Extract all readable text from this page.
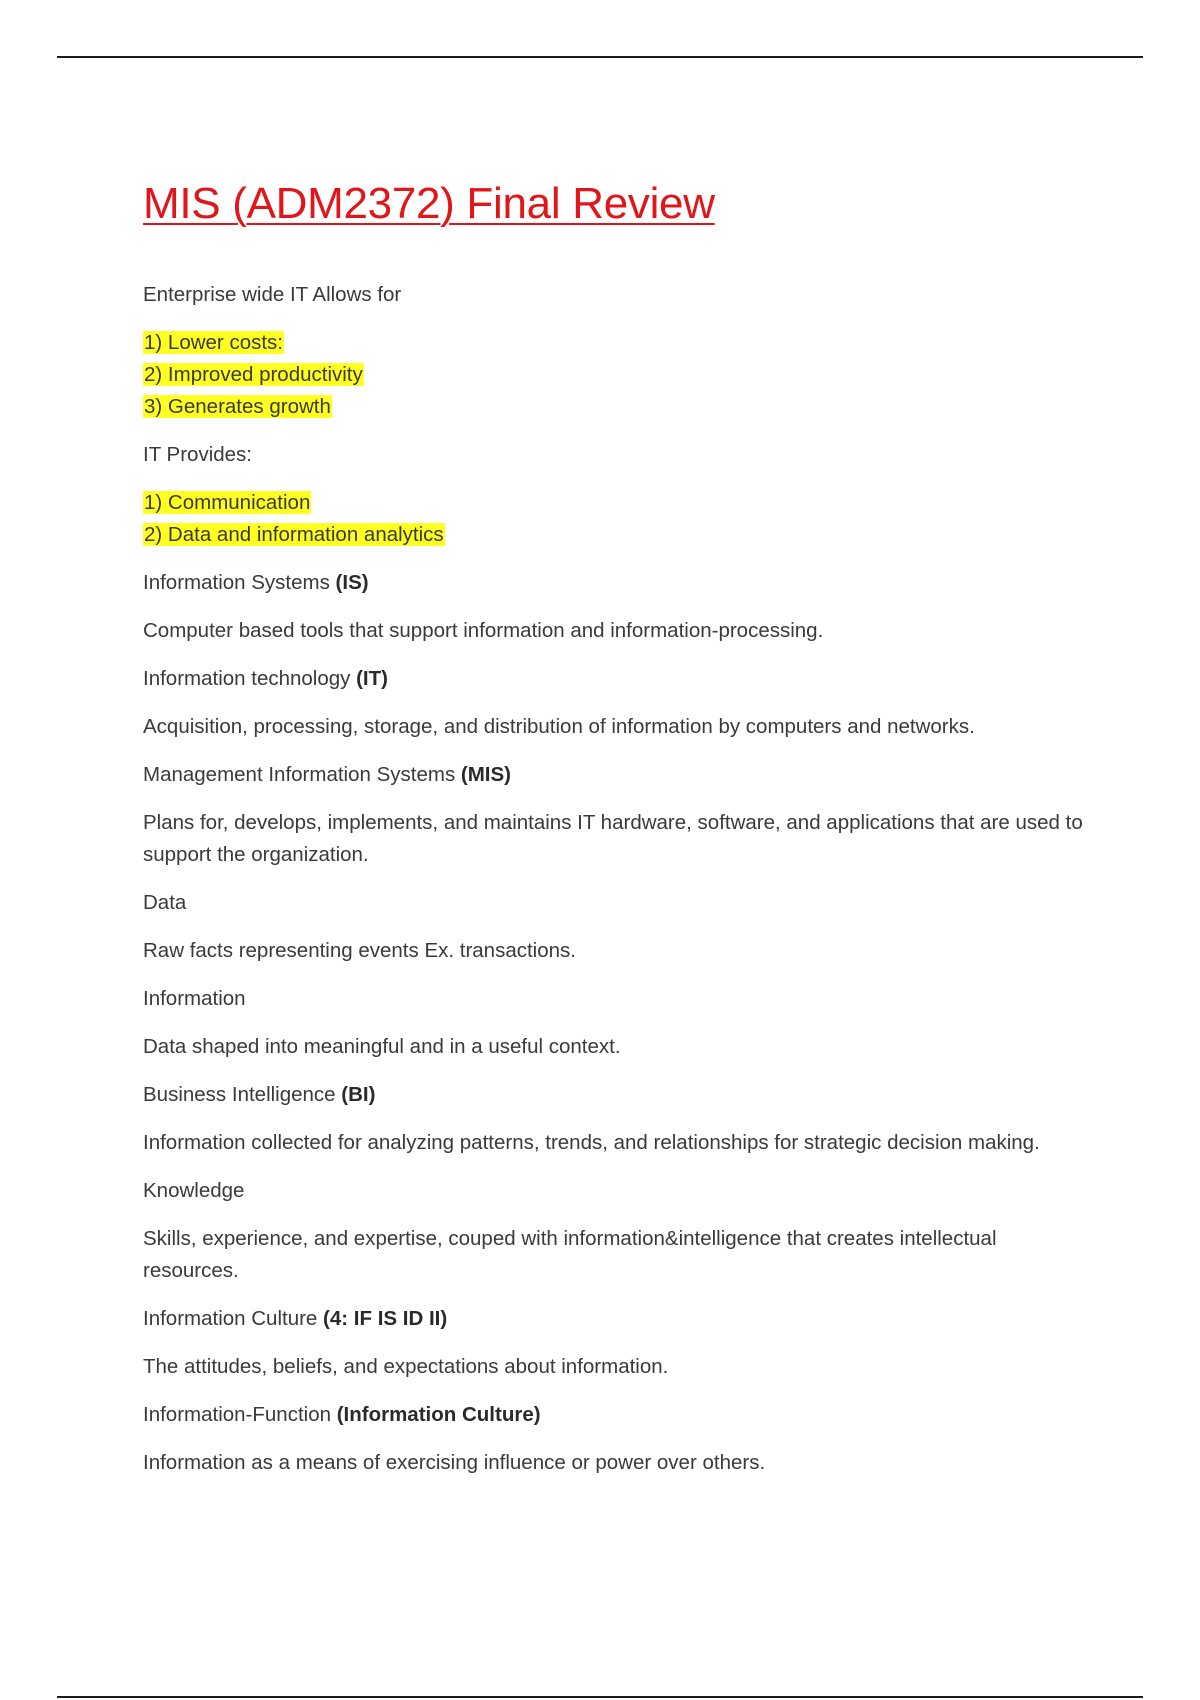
MIS (ADM2372) Final Review

Enterprise wide IT Allows for

1) Lower costs:
2) Improved productivity
3) Generates growth

IT Provides:

1) Communication
2) Data and information analytics

Information Systems (IS)

Computer based tools that support information and information-processing.

Information technology (IT)

Acquisition, processing, storage, and distribution of information by computers and networks.

Management Information Systems (MIS)

Plans for, develops, implements, and maintains IT hardware, software, and applications that are used to support the organization.

Data

Raw facts representing events Ex. transactions.

Information

Data shaped into meaningful and in a useful context.

Business Intelligence (BI)

Information collected for analyzing patterns, trends, and relationships for strategic decision making.

Knowledge

Skills, experience, and expertise, couped with information&intelligence that creates intellectual resources.

Information Culture (4: IF IS ID II)

The attitudes, beliefs, and expectations about information.

Information-Function (Information Culture)

Information as a means of exercising influence or power over others.
